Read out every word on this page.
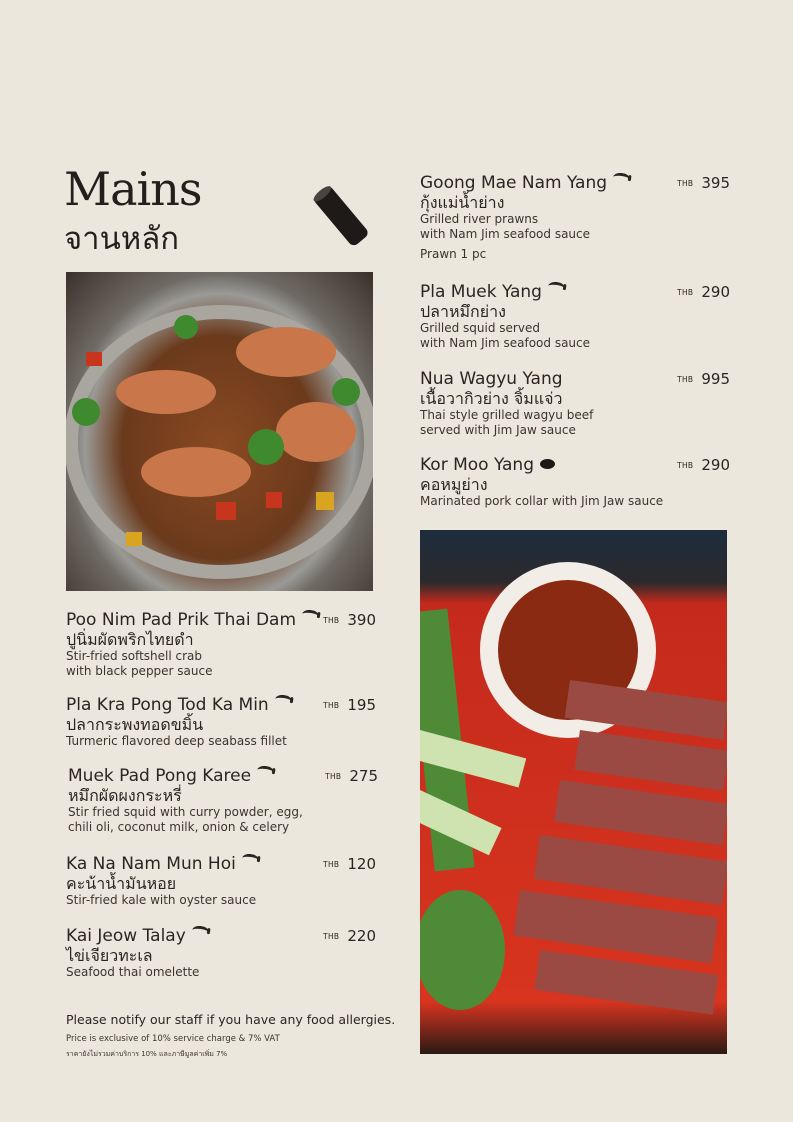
Mains
จานหลัก
Poo Nim Pad Prik Thai Dam
ปูนิ่มผัดพริกไทยดำ
Stir-fried softshell crab
with black pepper sauce
THB 390
Pla Kra Pong Tod Ka Min
ปลากระพงทอดขมิ้น
Turmeric flavored deep seabass fillet
THB 195
Muek Pad Pong Karee
หมึกผัดผงกระหรี่
Stir fried squid with curry powder, egg,
chili oli, coconut milk, onion & celery
THB 275
Ka Na Nam Mun Hoi
คะน้าน้ำมันหอย
Stir-fried kale with oyster sauce
THB 120
Kai Jeow Talay
ไข่เจียวทะเล
Seafood thai omelette
THB 220
Goong Mae Nam Yang
กุ้งแม่น้ำย่าง
Grilled river prawns
with Nam Jim seafood sauce
Prawn 1 pc
THB 395
Pla Muek Yang
ปลาหมึกย่าง
Grilled squid served
with Nam Jim seafood sauce
THB 290
Nua Wagyu Yang
เนื้อวากิวย่าง จิ้มแจ่ว
Thai style grilled wagyu beef
served with Jim Jaw sauce
THB 995
Kor Moo Yang
คอหมูย่าง
Marinated pork collar with Jim Jaw sauce
THB 290
Please notify our staff if you have any food allergies.
Price is exclusive of 10% service charge & 7% VAT
ราคายังไม่รวมค่าบริการ 10% และภาษีมูลค่าเพิ่ม 7%
